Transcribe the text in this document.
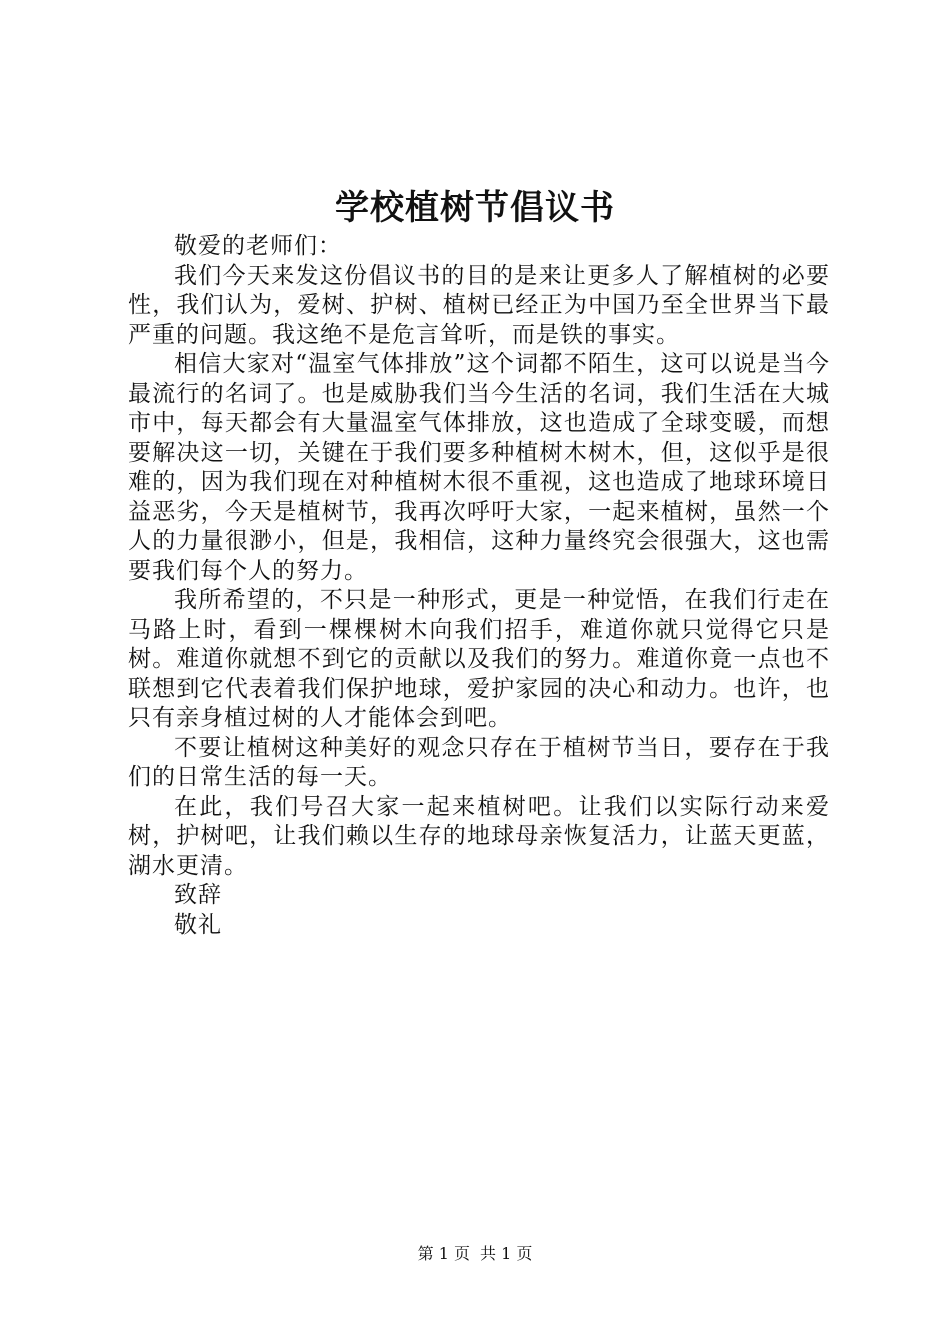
学校植树节倡议书

敬爱的老师们：

我们今天来发这份倡议书的目的是来让更多人了解植树的必要性，我们认为，爱树、护树、植树已经正为中国乃至全世界当下最严重的问题。我这绝不是危言耸听，而是铁的事实。

相信大家对“温室气体排放”这个词都不陌生，这可以说是当今最流行的名词了。也是威胁我们当今生活的名词，我们生活在大城市中，每天都会有大量温室气体排放，这也造成了全球变暖，而想要解决这一切，关键在于我们要多种植树木树木，但，这似乎是很难的，因为我们现在对种植树木很不重视，这也造成了地球环境日益恶劣，今天是植树节，我再次呼吁大家，一起来植树，虽然一个人的力量很渺小，但是，我相信，这种力量终究会很强大，这也需要我们每个人的努力。

我所希望的，不只是一种形式，更是一种觉悟，在我们行走在马路上时，看到一棵棵树木向我们招手，难道你就只觉得它只是树。难道你就想不到它的贡献以及我们的努力。难道你竟一点也不联想到它代表着我们保护地球，爱护家园的决心和动力。也许，也只有亲身植过树的人才能体会到吧。

不要让植树这种美好的观念只存在于植树节当日，要存在于我们的日常生活的每一天。

在此，我们号召大家一起来植树吧。让我们以实际行动来爱树，护树吧，让我们赖以生存的地球母亲恢复活力，让蓝天更蓝，湖水更清。

致辞

敬礼

第 1 页 共 1 页
